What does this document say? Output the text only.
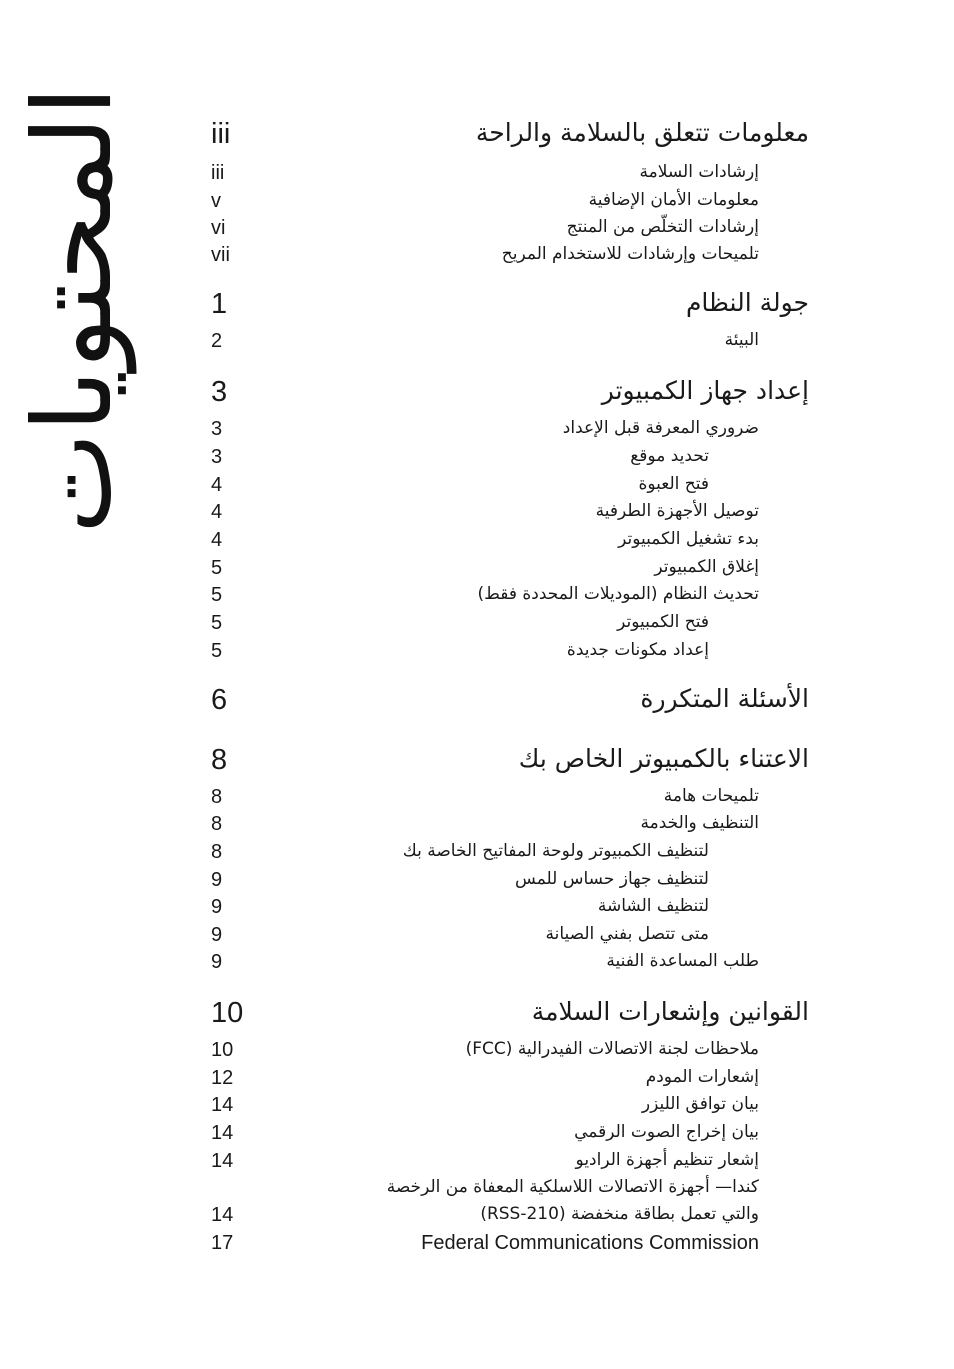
المحتويات	معلومات تتعلق بالسلامة والراحة
iii
إرشادات السلامة
iii
معلومات الأمان الإضافية
v
إرشادات التخلّص من المنتج
vi
تلميحات وإرشادات للاستخدام المريح
vii
جولة النظام
1
البيئة
2
إعداد جهاز الكمبيوتر
3
ضروري المعرفة قبل الإعداد
3
تحديد موقع
3
فتح العبوة
4
توصيل الأجهزة الطرفية
4
بدء تشغيل الكمبيوتر
4
إغلاق الكمبيوتر
5
تحديث النظام (الموديلات المحددة فقط)
5
فتح الكمبيوتر
5
إعداد مكونات جديدة
5
الأسئلة المتكررة
6
الاعتناء بالكمبيوتر الخاص بك
8
تلميحات هامة
8
التنظيف والخدمة
8
لتنظيف الكمبيوتر ولوحة المفاتيح الخاصة بك
8
لتنظيف جهاز حساس للمس
9
لتنظيف الشاشة
9
متى تتصل بفني الصيانة
9
طلب المساعدة الفنية
9
القوانين وإشعارات السلامة
10
ملاحظات لجنة الاتصالات الفيدرالية (FCC)
10
إشعارات المودم
12
بيان توافق الليزر
14
بيان إخراج الصوت الرقمي
14
إشعار تنظيم أجهزة الراديو
14
كندا— أجهزة الاتصالات اللاسلكية المعفاة من الرخصة
والتي تعمل بطاقة منخفضة (RSS-210)
14
Federal Communications Commission
17
